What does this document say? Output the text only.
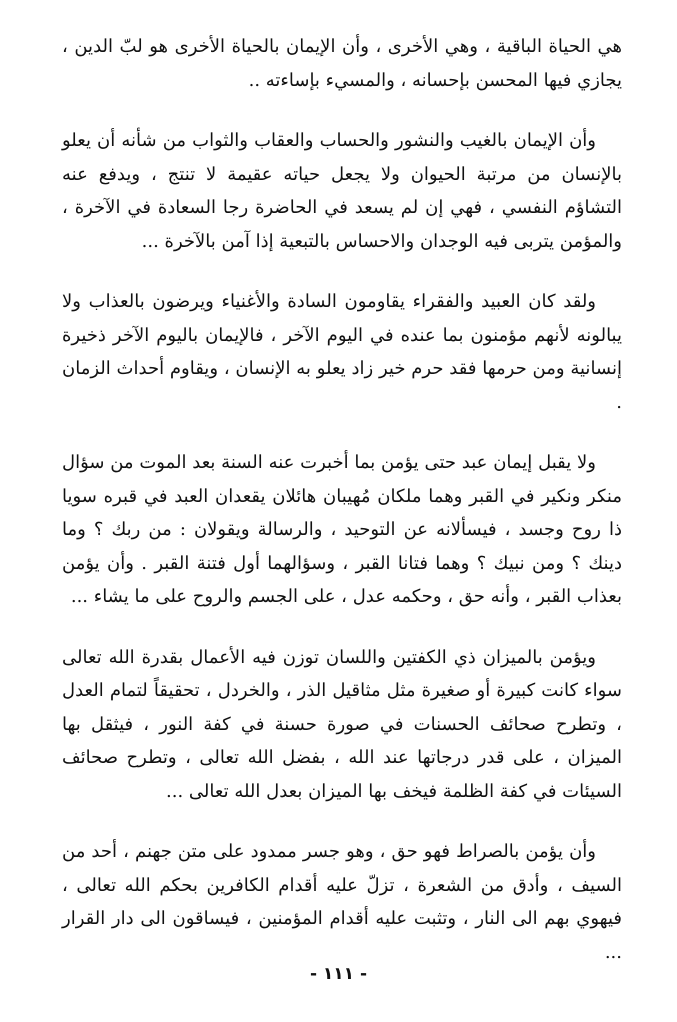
هي الحياة الباقية ، وهي الأخرى ، وأن الإيمان بالحياة الأخرى هو لبّ الدين ، يجازي فيها المحسن بإحسانه ، والمسيء بإساءته ..

وأن الإيمان بالغيب والنشور والحساب والعقاب والثواب من شأنه أن يعلو بالإنسان من مرتبة الحيوان ولا يجعل حياته عقيمة لا تنتج ، ويدفع عنه التشاؤم النفسي ، فهي إن لم يسعد في الحاضرة رجا السعادة في الآخرة ، والمؤمن يتربى فيه الوجدان والاحساس بالتبعية إذا آمن بالآخرة ...

ولقد كان العبيد والفقراء يقاومون السادة والأغنياء ويرضون بالعذاب ولا يبالونه لأنهم مؤمنون بما عنده في اليوم الآخر ، فالإيمان باليوم الآخر ذخيرة إنسانية ومن حرمها فقد حرم خير زاد يعلو به الإنسان ، ويقاوم أحداث الزمان .

ولا يقبل إيمان عبد حتى يؤمن بما أخبرت عنه السنة بعد الموت من سؤال منكر ونكير في القبر وهما ملكان مُهيبان هائلان يقعدان العبد في قبره سويا ذا روح وجسد ، فيسألانه عن التوحيد ، والرسالة ويقولان : من ربك ؟ وما دينك ؟ ومن نبيك ؟ وهما فتانا القبر ، وسؤالهما أول فتنة القبر . وأن يؤمن بعذاب القبر ، وأنه حق ، وحكمه عدل ، على الجسم والروح على ما يشاء ...

ويؤمن بالميزان ذي الكفتين واللسان توزن فيه الأعمال بقدرة الله تعالى سواء كانت كبيرة أو صغيرة مثل مثاقيل الذر ، والخردل ، تحقيقاً لتمام العدل ، وتطرح صحائف الحسنات في صورة حسنة في كفة النور ، فيثقل بها الميزان ، على قدر درجاتها عند الله ، بفضل الله تعالى ، وتطرح صحائف السيئات في كفة الظلمة فيخف بها الميزان بعدل الله تعالى ...

وأن يؤمن بالصراط فهو حق ، وهو جسر ممدود على متن جهنم ، أحد من السيف ، وأدق من الشعرة ، تزلّ عليه أقدام الكافرين بحكم الله تعالى ، فيهوي بهم الى النار ، وتثبت عليه أقدام المؤمنين ، فيساقون الى دار القرار ...

- ١١١ -
